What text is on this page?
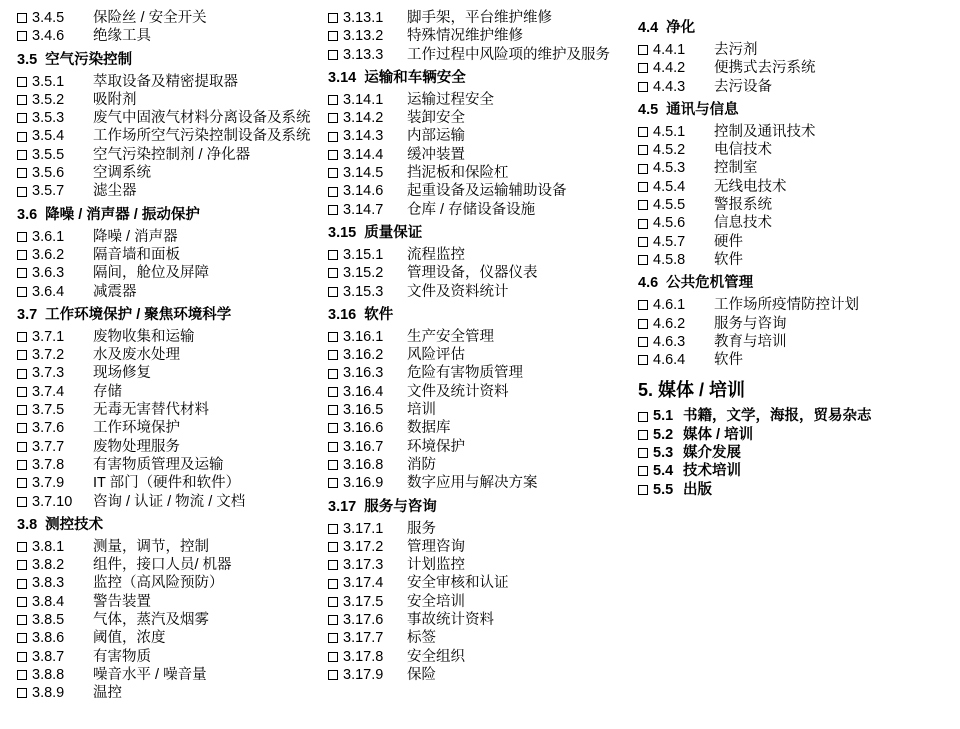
3.4.5	保险丝 / 安全开关
3.4.6	绝缘工具
3.5 空气污染控制
3.5.1	萃取设备及精密提取器
3.5.2	吸附剂
3.5.3	废气中固液气材料分离设备及系统
3.5.4	工作场所空气污染控制设备及系统
3.5.5	空气污染控制剂 / 净化器
3.5.6	空调系统
3.5.7	滤尘器
3.6 降噪 / 消声器 / 振动保护
3.6.1	降噪 / 消声器
3.6.2	隔音墙和面板
3.6.3	隔间，舱位及屏障
3.6.4	减震器
3.7 工作环境保护 / 聚焦环境科学
3.7.1	废物收集和运输
3.7.2	水及废水处理
3.7.3	现场修复
3.7.4	存储
3.7.5	无毒无害替代材料
3.7.6	工作环境保护
3.7.7	废物处理服务
3.7.8	有害物质管理及运输
3.7.9	IT 部门（硬件和软件）
3.7.10	咨询 / 认证 / 物流 / 文档
3.8 测控技术
3.8.1	测量，调节，控制
3.8.2	组件，接口人员/ 机器
3.8.3	监控（高风险预防）
3.8.4	警告装置
3.8.5	气体，蒸汽及烟雾
3.8.6	阈值，浓度
3.8.7	有害物质
3.8.8	噪音水平 / 噪音量
3.8.9	温控
3.13.1	脚手架，平台维护维修
3.13.2	特殊情况维护维修
3.13.3	工作过程中风险项的维护及服务
3.14 运输和车辆安全
3.14.1	运输过程安全
3.14.2	装卸安全
3.14.3	内部运输
3.14.4	缓冲装置
3.14.5	挡泥板和保险杠
3.14.6	起重设备及运输辅助设备
3.14.7	仓库 / 存储设备设施
3.15 质量保证
3.15.1	流程监控
3.15.2	管理设备，仪器仪表
3.15.3	文件及资料统计
3.16 软件
3.16.1	生产安全管理
3.16.2	风险评估
3.16.3	危险有害物质管理
3.16.4	文件及统计资料
3.16.5	培训
3.16.6	数据库
3.16.7	环境保护
3.16.8	消防
3.16.9	数字应用与解决方案
3.17 服务与咨询
3.17.1	服务
3.17.2	管理咨询
3.17.3	计划监控
3.17.4	安全审核和认证
3.17.5	安全培训
3.17.6	事故统计资料
3.17.7	标签
3.17.8	安全组织
3.17.9	保险
4.4 净化
4.4.1	去污剂
4.4.2	便携式去污系统
4.4.3	去污设备
4.5 通讯与信息
4.5.1	控制及通讯技术
4.5.2	电信技术
4.5.3	控制室
4.5.4	无线电技术
4.5.5	警报系统
4.5.6	信息技术
4.5.7	硬件
4.5.8	软件
4.6 公共危机管理
4.6.1	工作场所疫情防控计划
4.6.2	服务与咨询
4.6.3	教育与培训
4.6.4	软件
5. 媒体 / 培训
5.1 书籍，文学，海报，贸易杂志
5.2 媒体 / 培训
5.3 媒介发展
5.4 技术培训
5.5 出版
